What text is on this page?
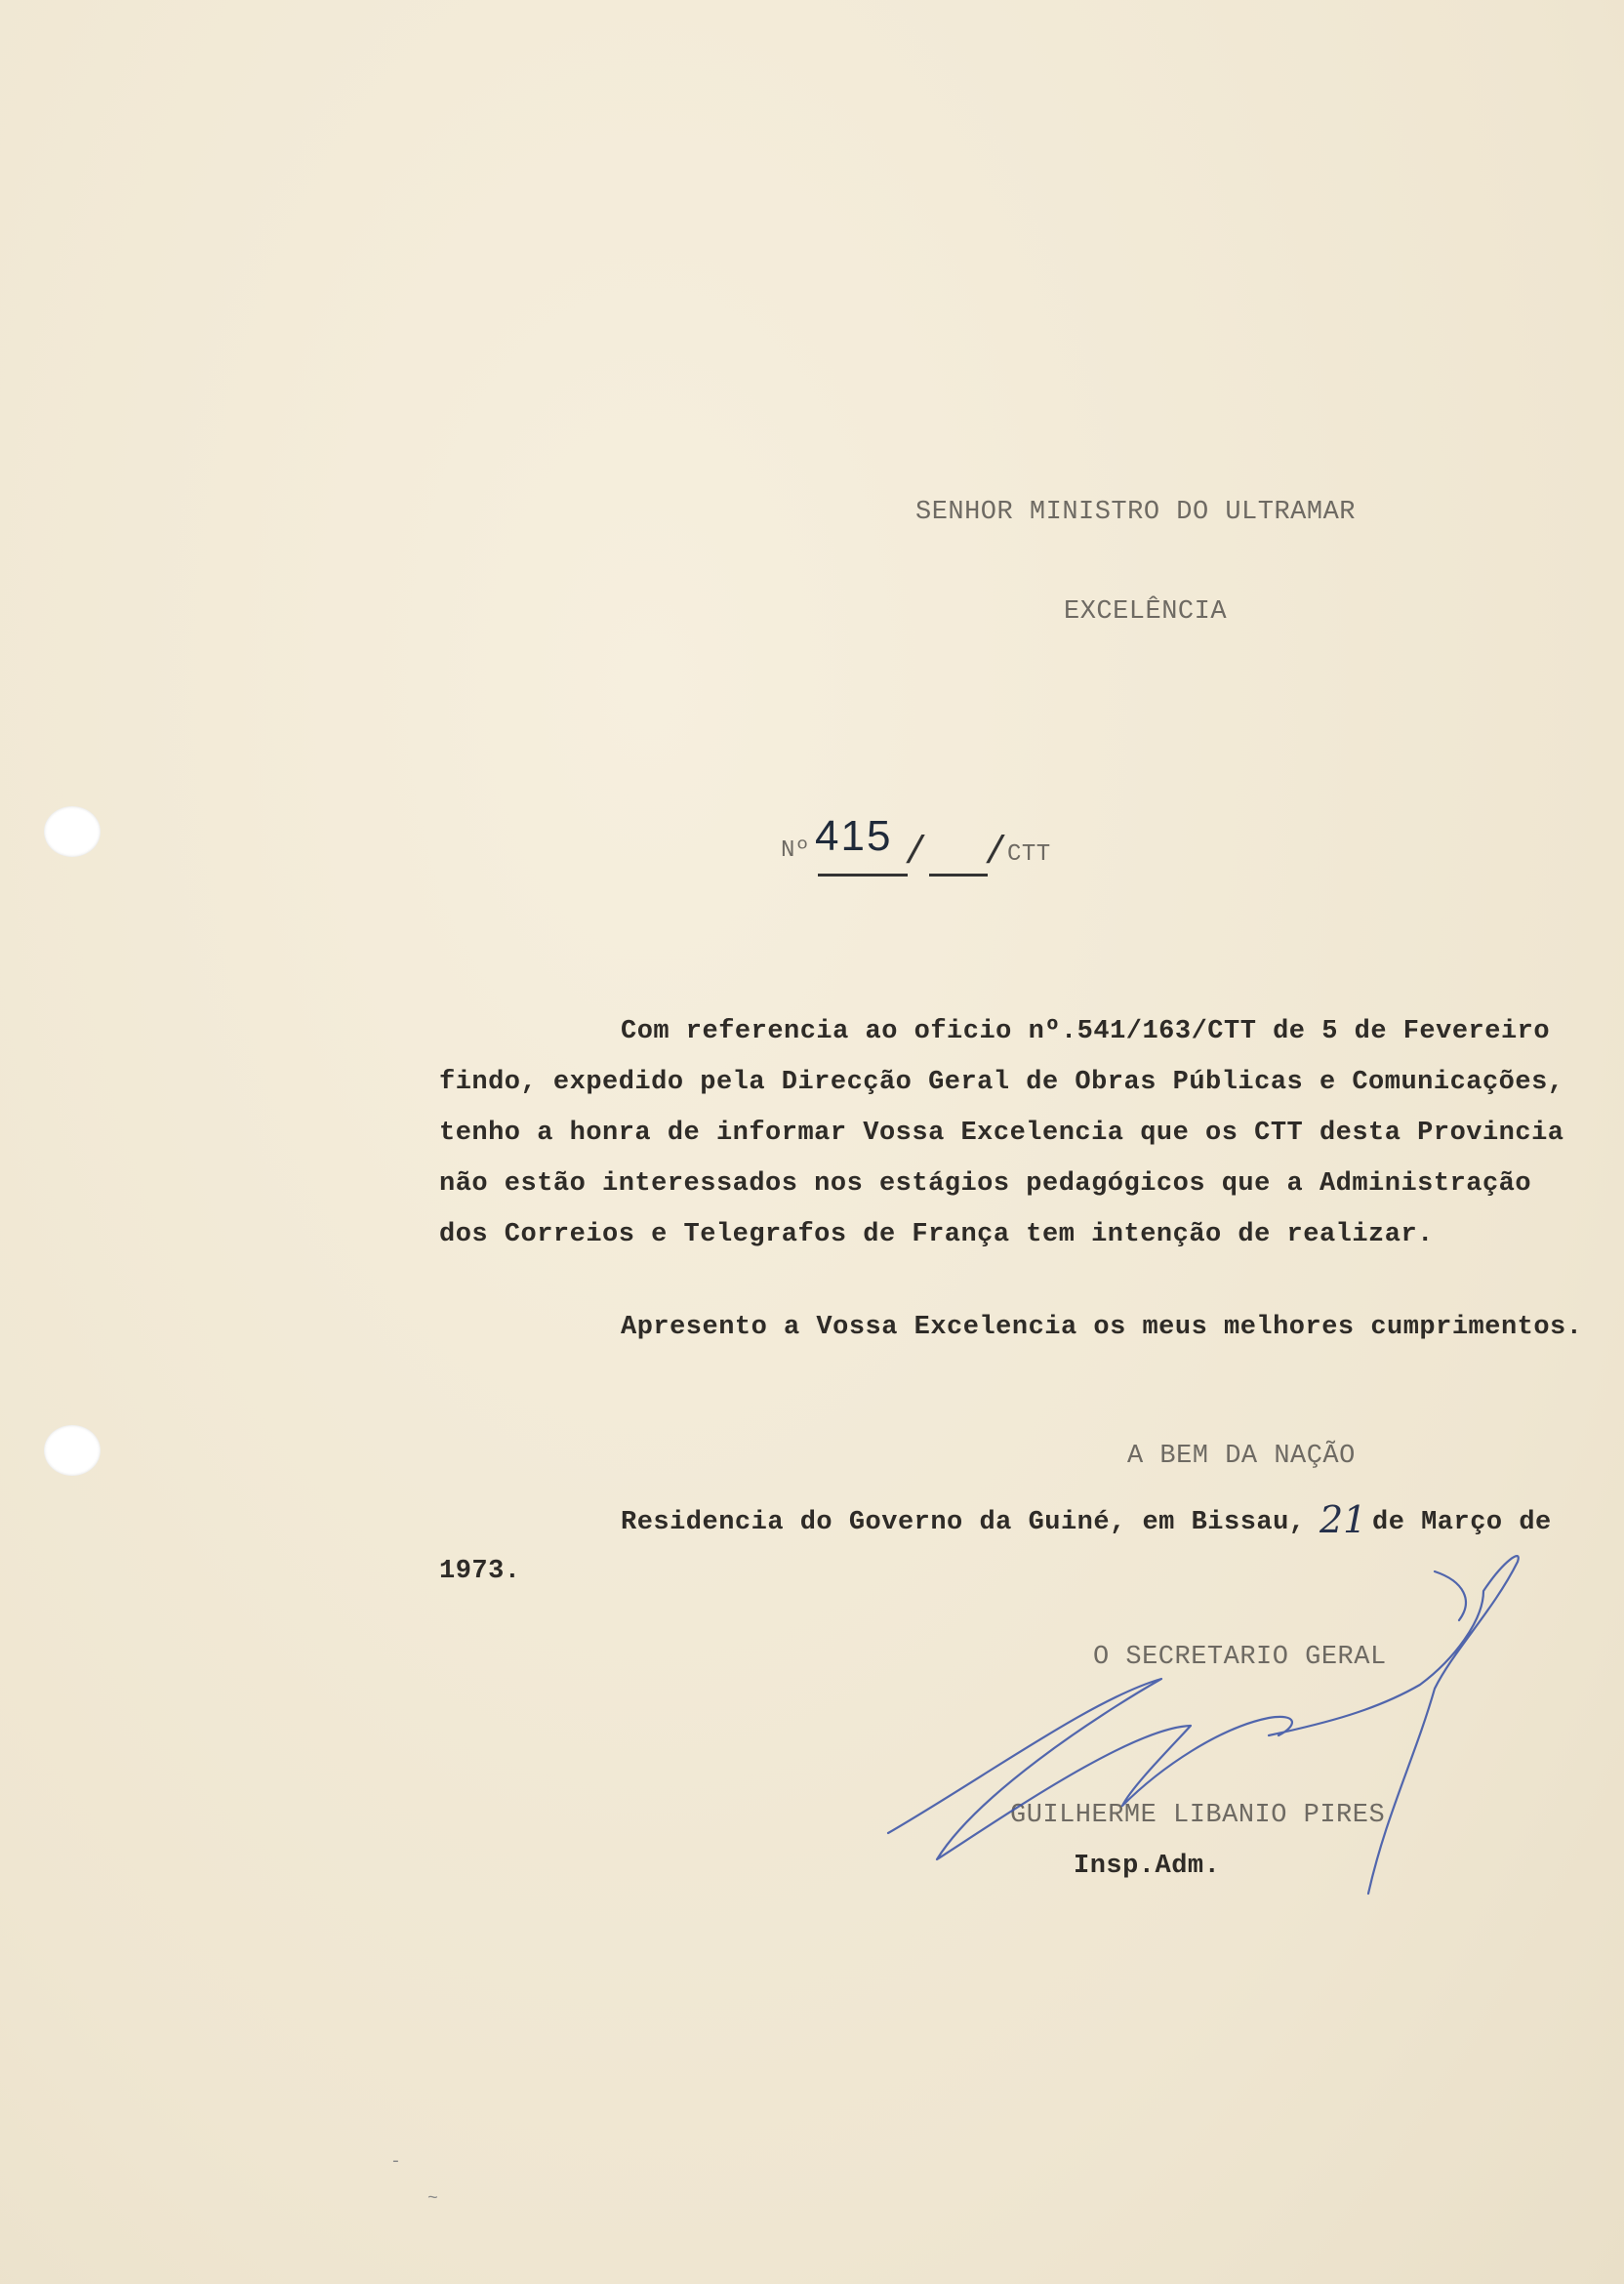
SENHOR MINISTRO DO ULTRAMAR
EXCELÊNCIA
Nº 415 / / CTT
Com referencia ao oficio nº.541/163/CTT de 5 de Fevereiro
findo, expedido pela Direcção Geral de Obras Públicas e Comunicações,
tenho a honra de informar Vossa Excelencia que os CTT desta Provincia
não estão interessados nos estágios pedagógicos que a Administração
dos Correios e Telegrafos de França tem intenção de realizar.
Apresento a Vossa Excelencia os meus melhores cumprimentos.
A BEM DA NAÇÃO
Residencia do Governo da Guiné, em Bissau, 21 de Março de
1973.
O SECRETARIO GERAL
GUILHERME LIBANIO PIRES
Insp.Adm.
-
~
